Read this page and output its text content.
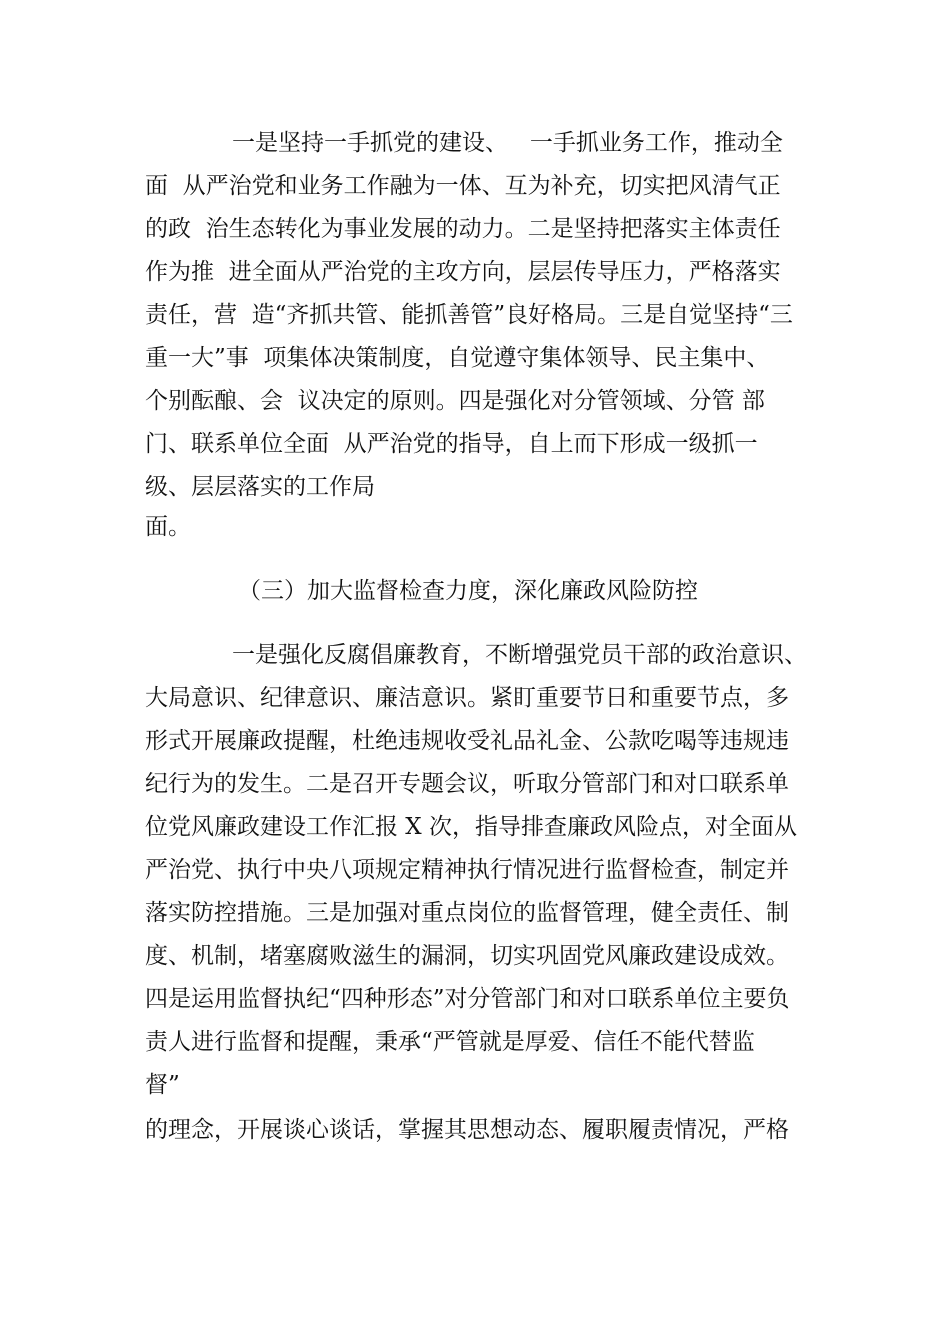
一是坚持一手抓党的建设、   一手抓业务工作，推动全
面  从严治党和业务工作融为一体、互为补充，切实把风清气正
的政  治生态转化为事业发展的动力。二是坚持把落实主体责任
作为推  进全面从严治党的主攻方向，层层传导压力，严格落实
责任，营  造“齐抓共管、能抓善管”良好格局。三是自觉坚持“三
重一大”事  项集体决策制度，自觉遵守集体领导、民主集中、
个别酝酿、会  议决定的原则。四是强化对分管领域、分管 部
门、联系单位全面  从严治党的指导，自上而下形成一级抓一
级、层层落实的工作局
面。
（三）加大监督检查力度，深化廉政风险防控
一是强化反腐倡廉教育，不断增强党员干部的政治意识、
大局意识、纪律意识、廉洁意识。紧盯重要节日和重要节点，多
形式开展廉政提醒，杜绝违规收受礼品礼金、公款吃喝等违规违
纪行为的发生。二是召开专题会议，听取分管部门和对口联系单
位党风廉政建设工作汇报 X 次，指导排查廉政风险点，对全面从
严治党、执行中央八项规定精神执行情况进行监督检查，制定并
落实防控措施。三是加强对重点岗位的监督管理，健全责任、制
度、机制，堵塞腐败滋生的漏洞，切实巩固党风廉政建设成效。
四是运用监督执纪“四种形态”对分管部门和对口联系单位主要负
责人进行监督和提醒，秉承“严管就是厚爱、信任不能代替监
督”
的理念，开展谈心谈话，掌握其思想动态、履职履责情况，严格
